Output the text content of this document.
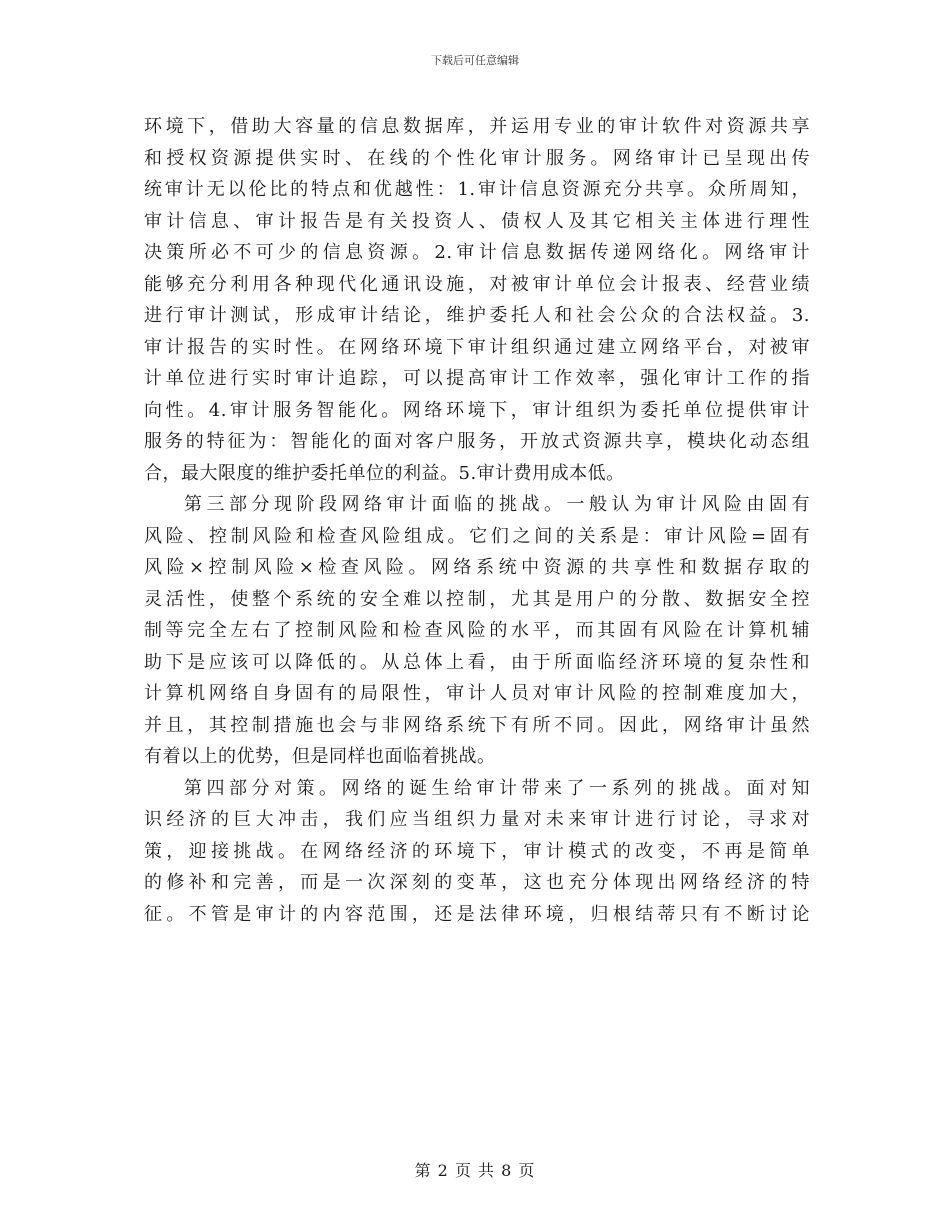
下载后可任意编辑
环境下，借助大容量的信息数据库，并运用专业的审计软件对资源共享
和授权资源提供实时、在线的个性化审计服务。网络审计已呈现出传
统审计无以伦比的特点和优越性：1.审计信息资源充分共享。众所周知，
审计信息、审计报告是有关投资人、债权人及其它相关主体进行理性
决策所必不可少的信息资源。2.审计信息数据传递网络化。网络审计
能够充分利用各种现代化通讯设施，对被审计单位会计报表、经营业绩
进行审计测试，形成审计结论，维护委托人和社会公众的合法权益。3.
审计报告的实时性。在网络环境下审计组织通过建立网络平台，对被审
计单位进行实时审计追踪，可以提高审计工作效率，强化审计工作的指
向性。4.审计服务智能化。网络环境下，审计组织为委托单位提供审计
服务的特征为：智能化的面对客户服务，开放式资源共享，模块化动态组
合，最大限度的维护委托单位的利益。5.审计费用成本低。
第三部分现阶段网络审计面临的挑战。一般认为审计风险由固有
风险、控制风险和检查风险组成。它们之间的关系是：审计风险=固有
风险×控制风险×检查风险。网络系统中资源的共享性和数据存取的
灵活性，使整个系统的安全难以控制，尤其是用户的分散、数据安全控
制等完全左右了控制风险和检查风险的水平，而其固有风险在计算机辅
助下是应该可以降低的。从总体上看，由于所面临经济环境的复杂性和
计算机网络自身固有的局限性，审计人员对审计风险的控制难度加大，
并且，其控制措施也会与非网络系统下有所不同。因此，网络审计虽然
有着以上的优势，但是同样也面临着挑战。
第四部分对策。网络的诞生给审计带来了一系列的挑战。面对知
识经济的巨大冲击，我们应当组织力量对未来审计进行讨论，寻求对
策，迎接挑战。在网络经济的环境下，审计模式的改变，不再是简单
的修补和完善，而是一次深刻的变革，这也充分体现出网络经济的特
征。不管是审计的内容范围，还是法律环境，归根结蒂只有不断讨论
第 2 页 共 8 页
